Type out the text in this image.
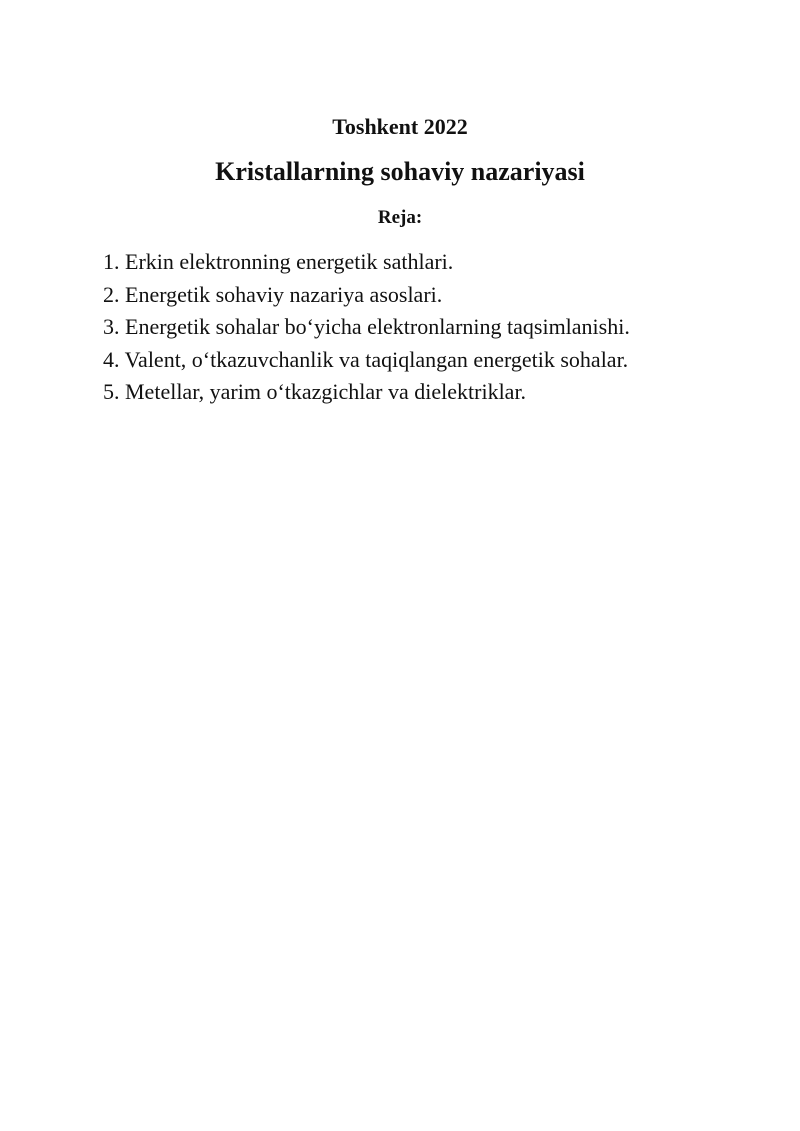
Toshkent 2022

Kristallarning sohaviy nazariyasi

Reja:

1. Erkin elektronning energetik sathlari.
2. Energetik sohaviy nazariya asoslari.
3. Energetik sohalar bo‘yicha elektronlarning taqsimlanishi.
4. Valent, o‘tkazuvchanlik va taqiqlangan energetik sohalar.
5. Metellar, yarim o‘tkazgichlar va dielektriklar.
